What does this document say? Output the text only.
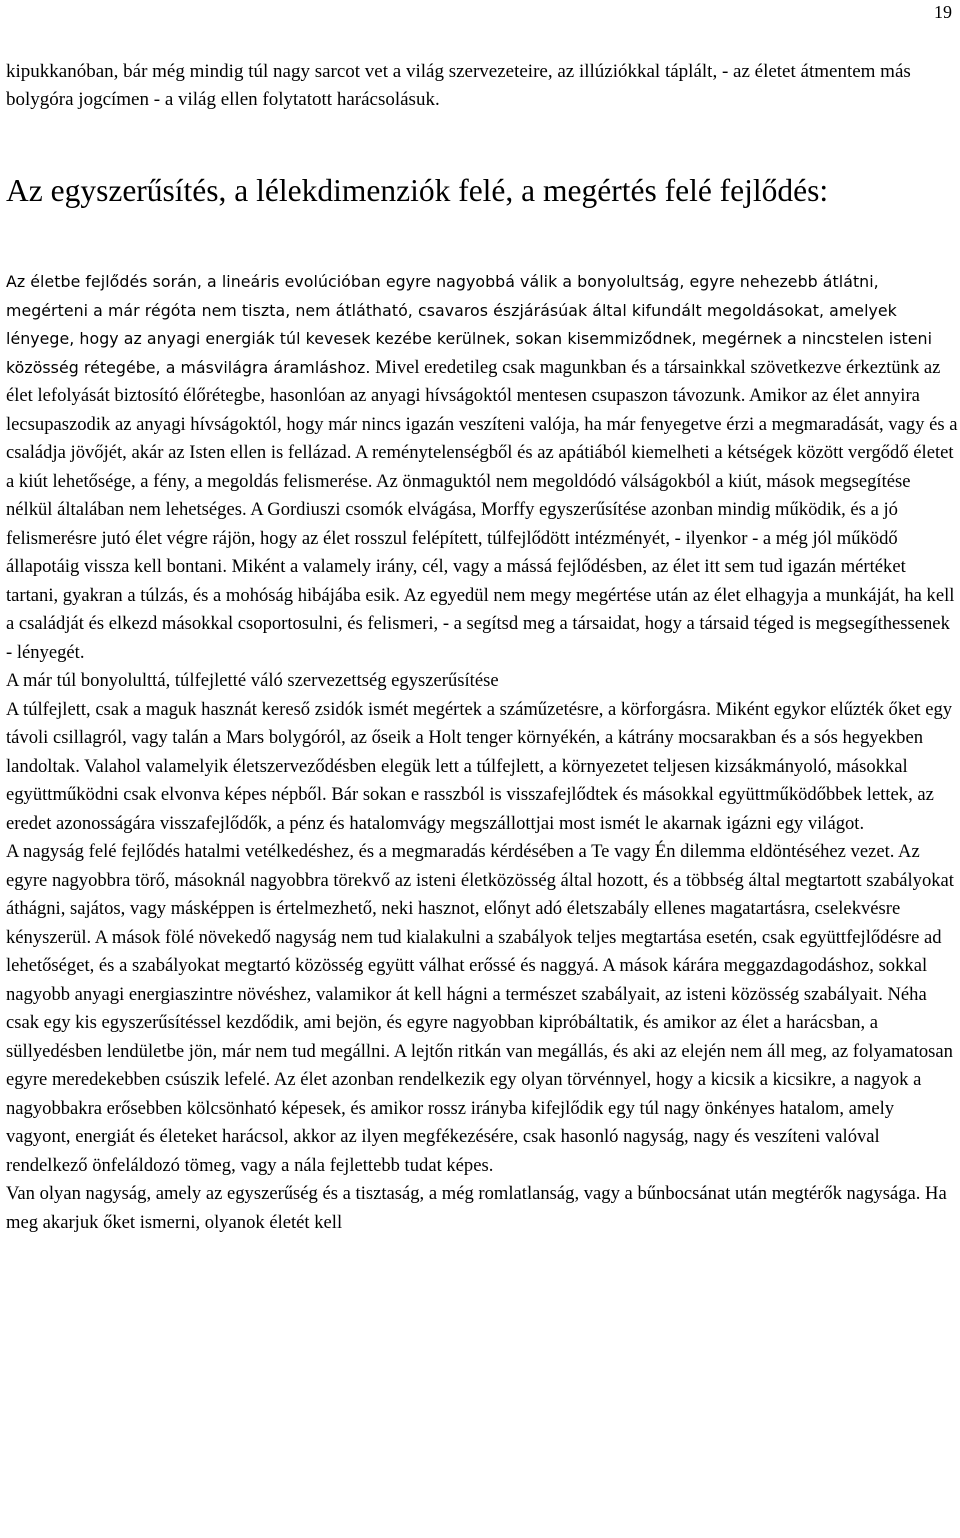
19

kipukkanóban, bár még mindig túl nagy sarcot vet a világ szervezeteire, az illúziókkal táplált, - az életet átmentem más bolygóra jogcímen - a világ ellen folytatott harácsolásuk.

Az egyszerűsítés, a lélekdimenziók felé, a megértés felé fejlődés:

Az életbe fejlődés során, a lineáris evolúcióban egyre nagyobbá válik a bonyolultság, egyre nehezebb átlátni, megérteni a már régóta nem tiszta, nem átlátható, csavaros észjárásúak által kifundált megoldásokat, amelyek lényege, hogy az anyagi energiák túl kevesek kezébe kerülnek, sokan kisemmiződnek, megérnek a nincstelen isteni közösség rétegébe, a másvilágra áramláshoz. Mivel eredetileg csak magunkban és a társainkkal szövetkezve érkeztünk az élet lefolyását biztosító élőrétegbe, hasonlóan az anyagi hívságoktól mentesen csupaszon távozunk. Amikor az élet annyira lecsupaszodik az anyagi hívságoktól, hogy már nincs igazán veszíteni valója, ha már fenyegetve érzi a megmaradását, vagy és a családja jövőjét, akár az Isten ellen is fellázad. A reménytelenségből és az apátiából kiemelheti a kétségek között vergődő életet a kiút lehetősége, a fény, a megoldás felismerése. Az önmaguktól nem megoldódó válságokból a kiút, mások megsegítése nélkül általában nem lehetséges. A Gordiuszi csomók elvágása, Morffy egyszerűsítése azonban mindig működik, és a jó felismerésre jutó élet végre rájön, hogy az élet rosszul felépített, túlfejlődött intézményét, - ilyenkor - a még jól működő állapotáig vissza kell bontani. Miként a valamely irány, cél, vagy a mássá fejlődésben, az élet itt sem tud igazán mértéket tartani, gyakran a túlzás, és a mohóság hibájába esik. Az egyedül nem megy megértése után az élet elhagyja a munkáját, ha kell a családját és elkezd másokkal csoportosulni, és felismeri, - a segítsd meg a társaidat, hogy a társaid téged is megsegíthessenek - lényegét.

A már túl bonyolulttá, túlfejletté váló szervezettség egyszerűsítése

A túlfejlett, csak a maguk hasznát kereső zsidók ismét megértek a száműzetésre, a körforgásra. Miként egykor elűzték őket egy távoli csillagról, vagy talán a Mars bolygóról, az őseik a Holt tenger környékén, a kátrány mocsarakban és a sós hegyekben landoltak. Valahol valamelyik életszerveződésben elegük lett a túlfejlett, a környezetet teljesen kizsákmányoló, másokkal együttműködni csak elvonva képes népből. Bár sokan e rasszból is visszafejlődtek és másokkal együttműködőbbek lettek, az eredet azonosságára visszafejlődők, a pénz és hatalomvágy megszállottjai most ismét le akarnak igázni egy világot.

A nagyság felé fejlődés hatalmi vetélkedéshez, és a megmaradás kérdésében a Te vagy Én dilemma eldöntéséhez vezet. Az egyre nagyobbra törő, másoknál nagyobbra törekvő az isteni életközösség által hozott, és a többség által megtartott szabályokat áthágni, sajátos, vagy másképpen is értelmezhető, neki hasznot, előnyt adó életszabály ellenes magatartásra, cselekvésre kényszerül. A mások fölé növekedő nagyság nem tud kialakulni a szabályok teljes megtartása esetén, csak együttfejlődésre ad lehetőséget, és a szabályokat megtartó közösség együtt válhat erőssé és naggyá. A mások kárára meggazdagodáshoz, sokkal nagyobb anyagi energiaszintre növéshez, valamikor át kell hágni a természet szabályait, az isteni közösség szabályait. Néha csak egy kis egyszerűsítéssel kezdődik, ami bejön, és egyre nagyobban kipróbáltatik, és amikor az élet a harácsban, a süllyedésben lendületbe jön, már nem tud megállni. A lejtőn ritkán van megállás, és aki az elején nem áll meg, az folyamatosan egyre meredekebben csúszik lefelé. Az élet azonban rendelkezik egy olyan törvénnyel, hogy a kicsik a kicsikre, a nagyok a nagyobbakra erősebben kölcsönható képesek, és amikor rossz irányba kifejlődik egy túl nagy önkényes hatalom, amely vagyont, energiát és életeket harácsol, akkor az ilyen megfékezésére, csak hasonló nagyság, nagy és veszíteni valóval rendelkező önfeláldozó tömeg, vagy a nála fejlettebb tudat képes.

Van olyan nagyság, amely az egyszerűség és a tisztaság, a még romlatlanság, vagy a bűnbocsánat után megtérők nagysága. Ha meg akarjuk őket ismerni, olyanok életét kell
